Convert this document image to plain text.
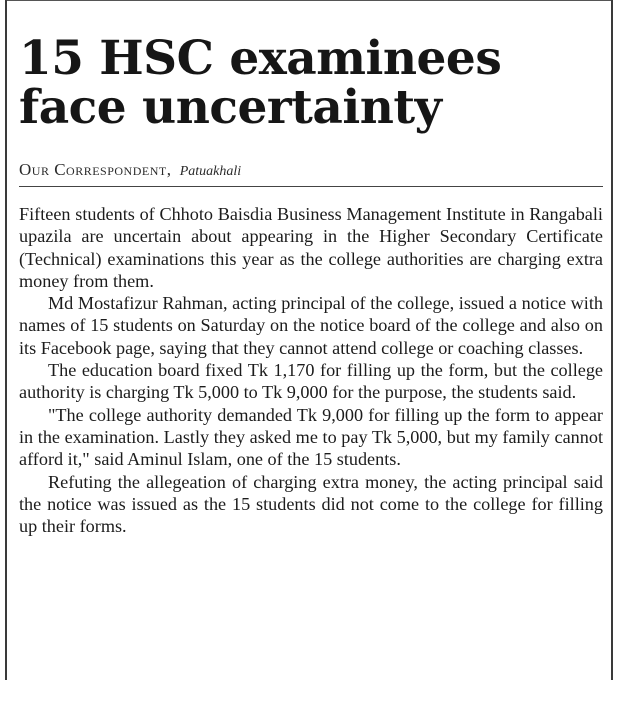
15 HSC examinees face uncertainty
Our Correspondent, Patuakhali

Fifteen students of Chhoto Baisdia Business Management Institute in Rangabali upazila are uncertain about appearing in the Higher Secondary Certificate (Technical) examinations this year as the college authorities are charging extra money from them.

Md Mostafizur Rahman, acting principal of the college, issued a notice with names of 15 students on Saturday on the notice board of the college and also on its Facebook page, saying that they cannot attend college or coaching classes.

The education board fixed Tk 1,170 for filling up the form, but the college authority is charging Tk 5,000 to Tk 9,000 for the purpose, the students said.

"The college authority demanded Tk 9,000 for filling up the form to appear in the examination. Lastly they asked me to pay Tk 5,000, but my family cannot afford it," said Aminul Islam, one of the 15 students.

Refuting the allegeation of charging extra money, the acting principal said the notice was issued as the 15 students did not come to the college for filling up their forms.
